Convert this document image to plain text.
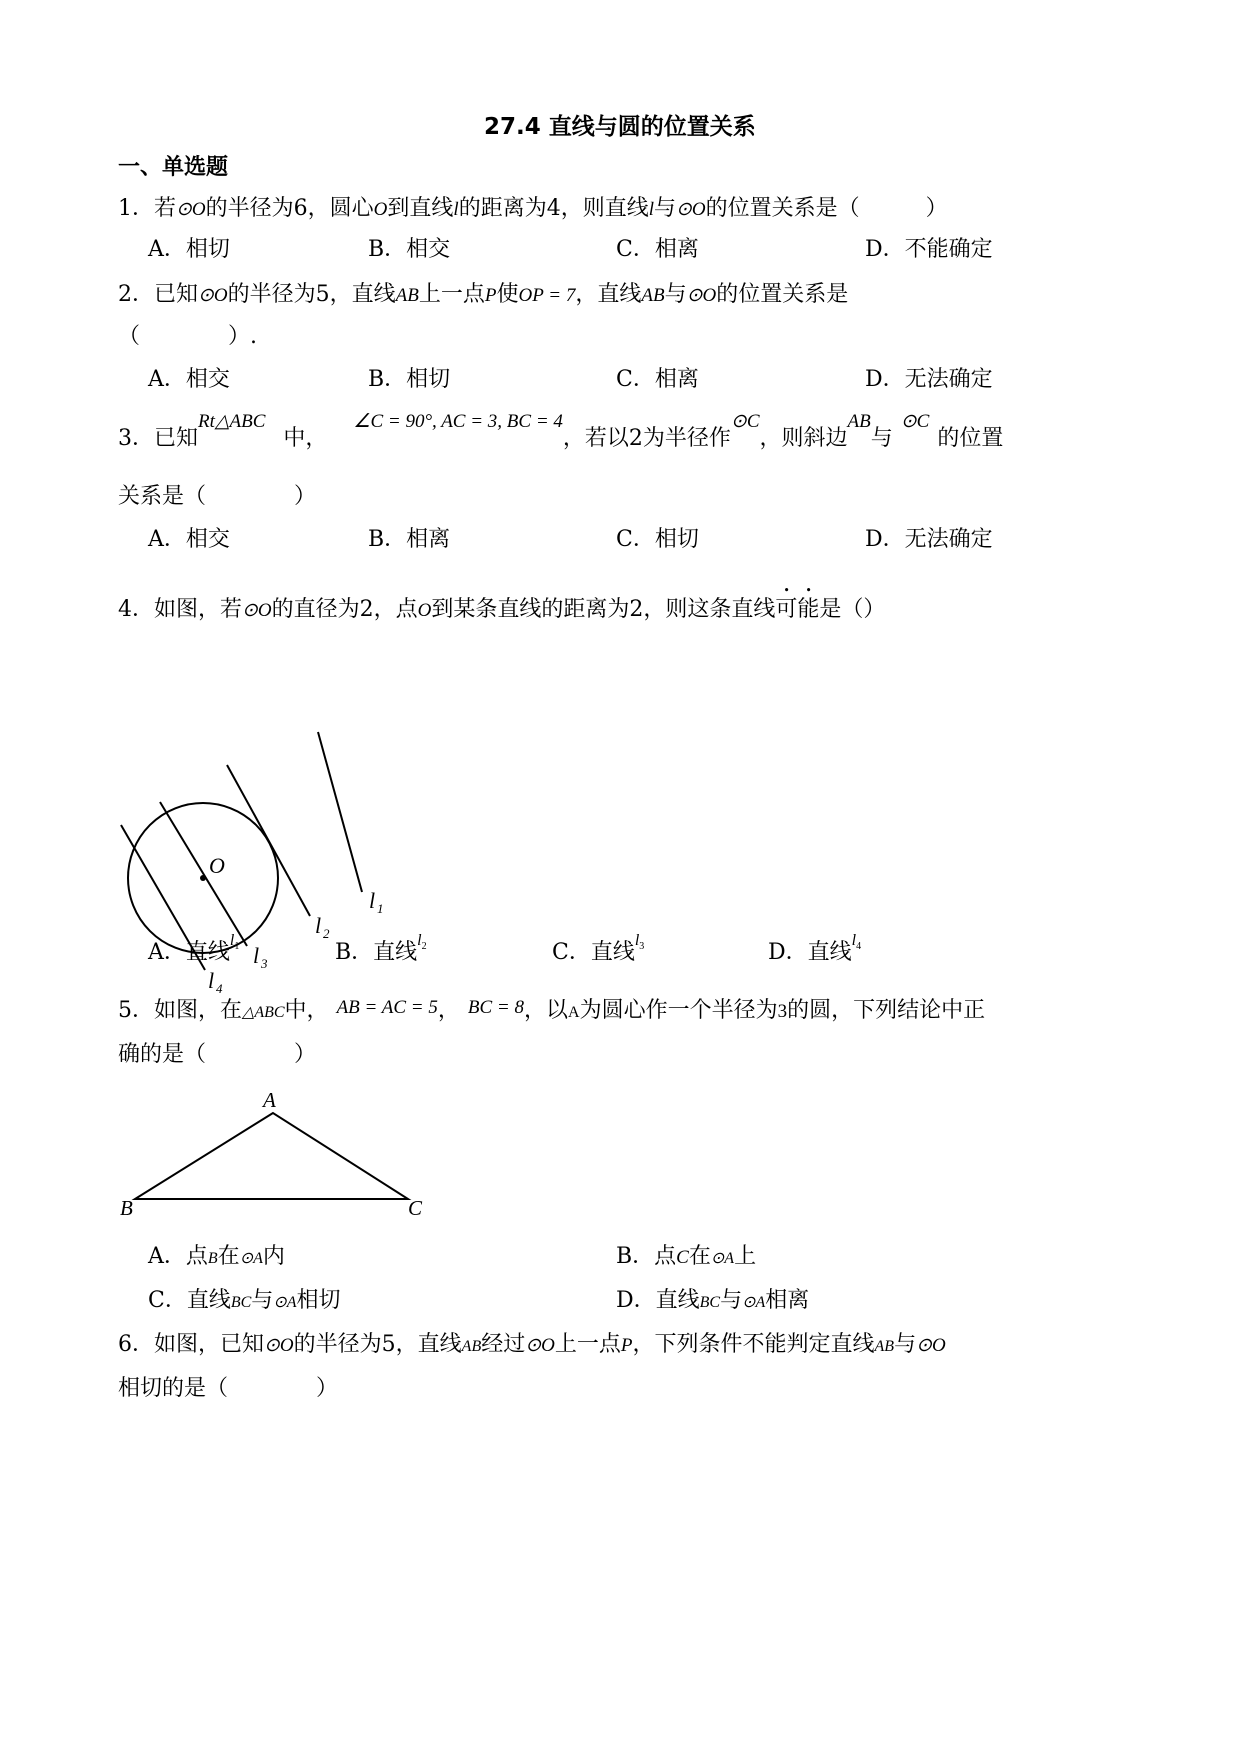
27.4 直线与圆的位置关系
一、单选题
1．若⊙O的半径为6，圆心O到直线l的距离为4，则直线l与⊙O的位置关系是（　　　）
A．相切	B．相交	C．相离	D．不能确定
2．已知⊙O的半径为5，直线AB上一点P使OP = 7，直线AB与⊙O的位置关系是
（　　　　）.
A．相交	B．相切	C．相离	D．无法确定
3．已知Rt△ABC中，∠C = 90°, AC = 3, BC = 4，若以2为半径作⊙C，则斜边AB与⊙C的位置
关系是（　　　　）
A．相交	B．相离	C．相切	D．无法确定
4．如图，若⊙O的直径为2，点O到某条直线的距离为2，则这条直线可能是（）
O
l 1
l 2
l 3
l 4
A．直线$^{l_1}$	B．直线$^{l_2}$	C．直线$^{l_3}$	D．直线$^{l_4}$
5．如图，在△ABC中， AB = AC = 5， BC = 8，以A为圆心作一个半径为3的圆，下列结论中正
确的是（　　　　）
A
B	C
A．点B在⊙A内	B．点C在⊙A上
C．直线BC与⊙A相切	D．直线BC与⊙A相离
6．如图，已知⊙O的半径为5，直线AB经过⊙O上一点P，下列条件不能判定直线AB与⊙O
相切的是（　　　　）
